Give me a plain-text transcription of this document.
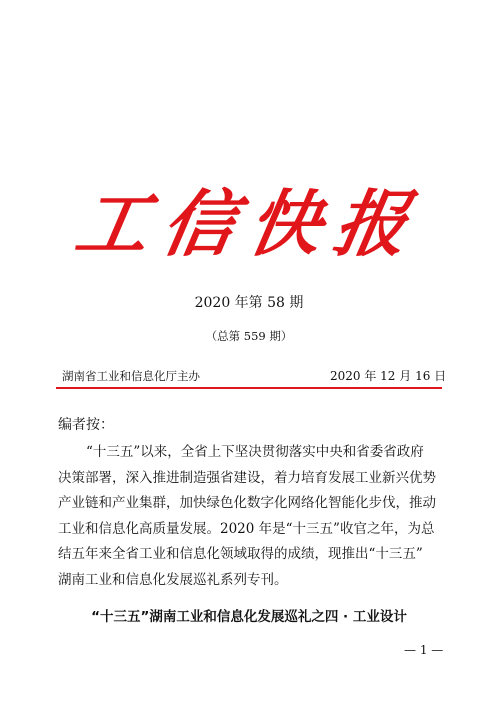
工信快报
2020 年第 58 期
（总第 559 期）
湖南省工业和信息化厅主办	2020 年 12 月 16 日
编者按：
“十三五”以来，全省上下坚决贯彻落实中央和省委省政府
决策部署，深入推进制造强省建设，着力培育发展工业新兴优势
产业链和产业集群，加快绿色化数字化网络化智能化步伐，推动
工业和信息化高质量发展。2020 年是“十三五”收官之年，为总
结五年来全省工业和信息化领域取得的成绩，现推出“十三五”
湖南工业和信息化发展巡礼系列专刊。
“十三五”湖南工业和信息化发展巡礼之四 · 工业设计
— 1 —
